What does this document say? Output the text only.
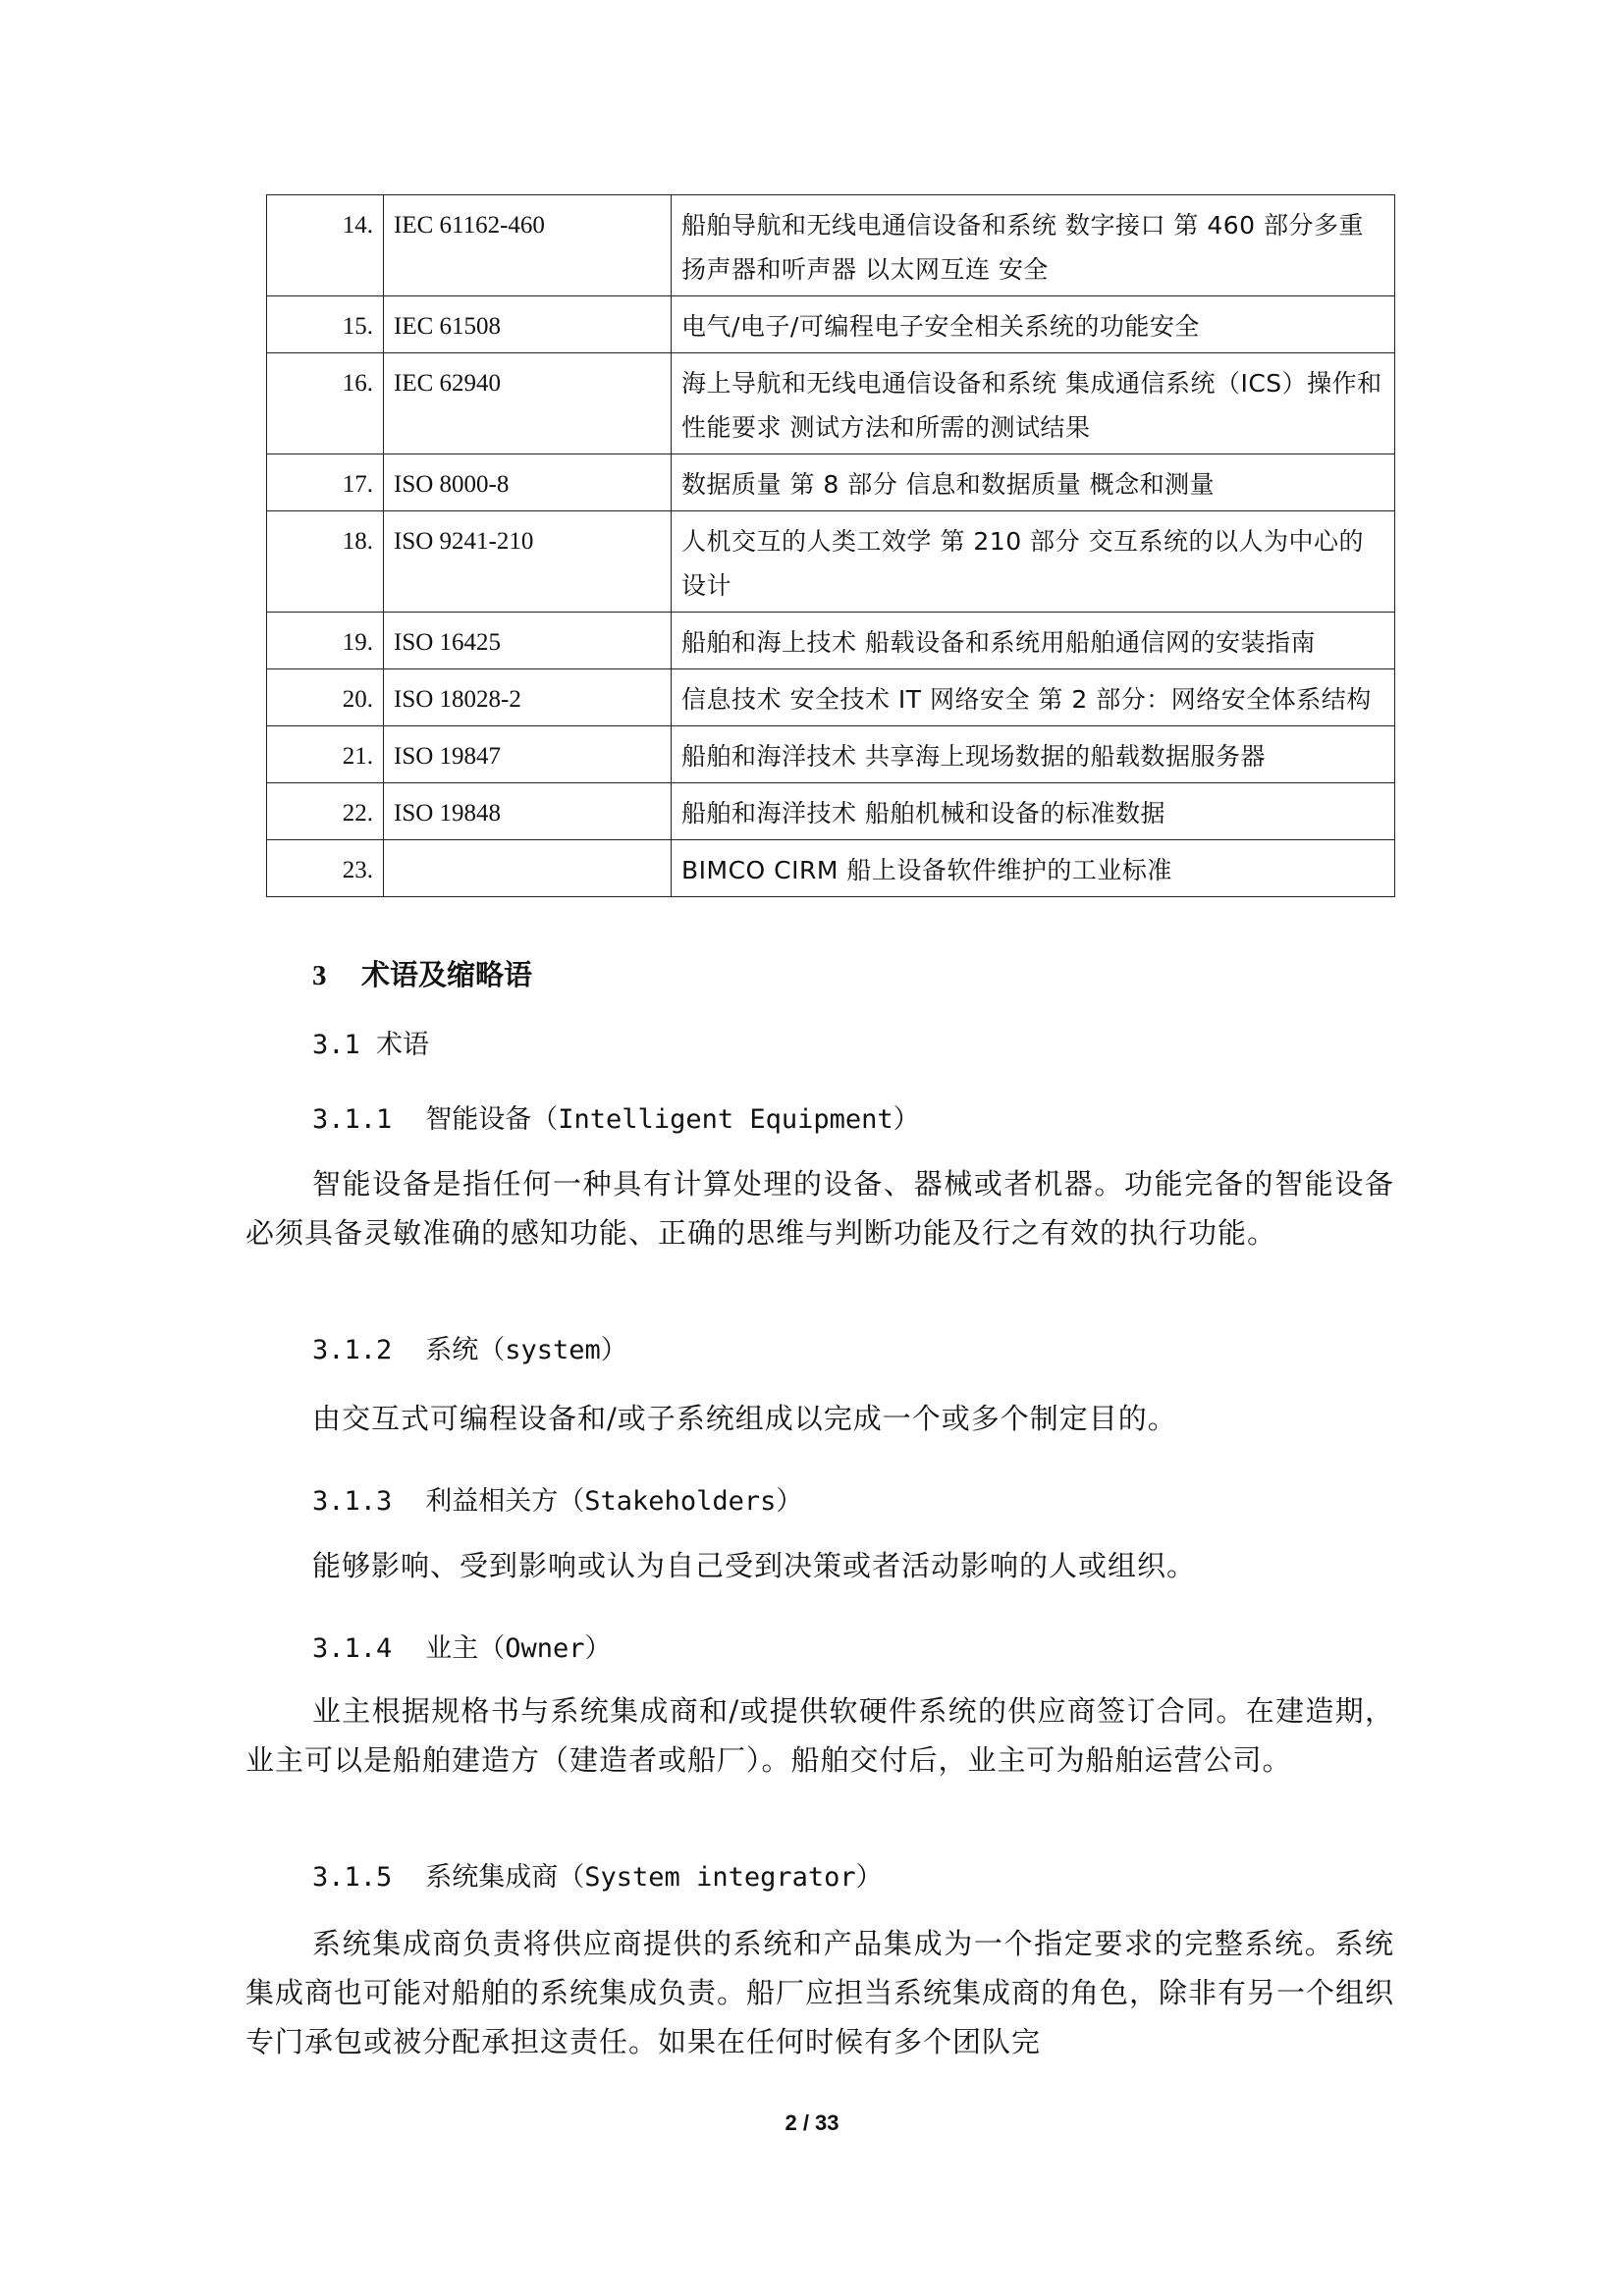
14.	IEC 61162-460	船舶导航和无线电通信设备和系统 数字接口 第 460 部分多重扬声器和听声器 以太网互连 安全
15.	IEC 61508	电气/电子/可编程电子安全相关系统的功能安全
16.	IEC 62940	海上导航和无线电通信设备和系统 集成通信系统（ICS）操作和性能要求 测试方法和所需的测试结果
17.	ISO 8000-8	数据质量 第 8 部分 信息和数据质量 概念和测量
18.	ISO 9241-210	人机交互的人类工效学 第 210 部分 交互系统的以人为中心的设计
19.	ISO 16425	船舶和海上技术 船载设备和系统用船舶通信网的安装指南
20.	ISO 18028-2	信息技术 安全技术 IT 网络安全 第 2 部分：网络安全体系结构
21.	ISO 19847	船舶和海洋技术 共享海上现场数据的船载数据服务器
22.	ISO 19848	船舶和海洋技术 船舶机械和设备的标准数据
23.		BIMCO CIRM 船上设备软件维护的工业标准
3 术语及缩略语
3.1 术语
3.1.1 智能设备（Intelligent Equipment）
智能设备是指任何一种具有计算处理的设备、器械或者机器。功能完备的智能设备必须具备灵敏准确的感知功能、正确的思维与判断功能及行之有效的执行功能。
3.1.2 系统（system）
由交互式可编程设备和/或子系统组成以完成一个或多个制定目的。
3.1.3 利益相关方（Stakeholders）
能够影响、受到影响或认为自己受到决策或者活动影响的人或组织。
3.1.4 业主（Owner）
业主根据规格书与系统集成商和/或提供软硬件系统的供应商签订合同。在建造期，业主可以是船舶建造方（建造者或船厂）。船舶交付后，业主可为船舶运营公司。
3.1.5 系统集成商（System integrator）
系统集成商负责将供应商提供的系统和产品集成为一个指定要求的完整系统。系统集成商也可能对船舶的系统集成负责。船厂应担当系统集成商的角色，除非有另一个组织专门承包或被分配承担这责任。如果在任何时候有多个团队完
2 / 33
